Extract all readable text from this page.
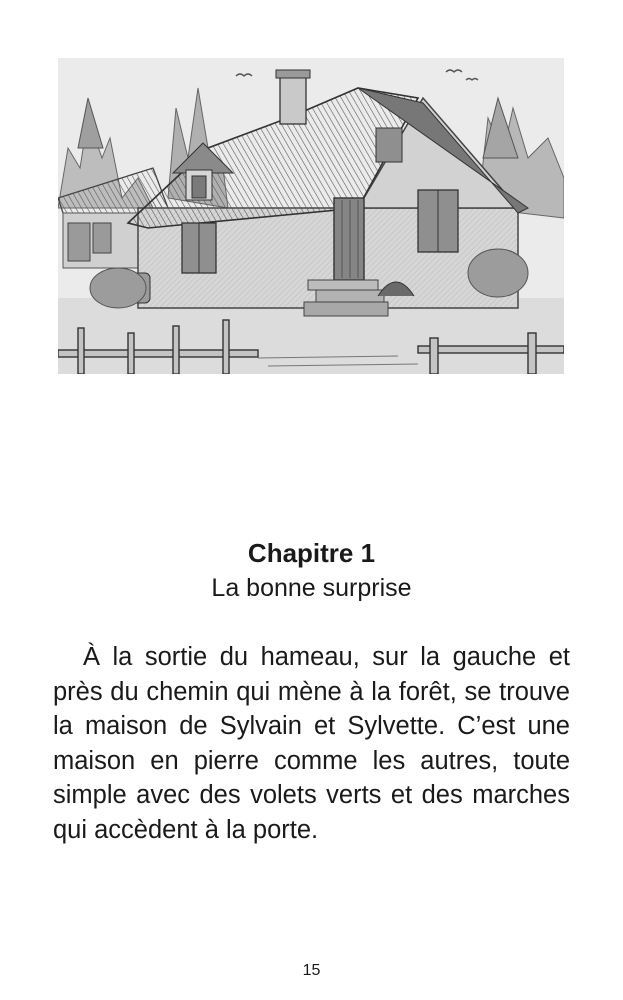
Chapitre 1

La bonne surprise

À la sortie du hameau, sur la gauche et près du chemin qui mène à la forêt, se trouve la maison de Sylvain et Sylvette. C’est une maison en pierre comme les autres, toute simple avec des volets verts et des marches qui accèdent à la porte.

15
